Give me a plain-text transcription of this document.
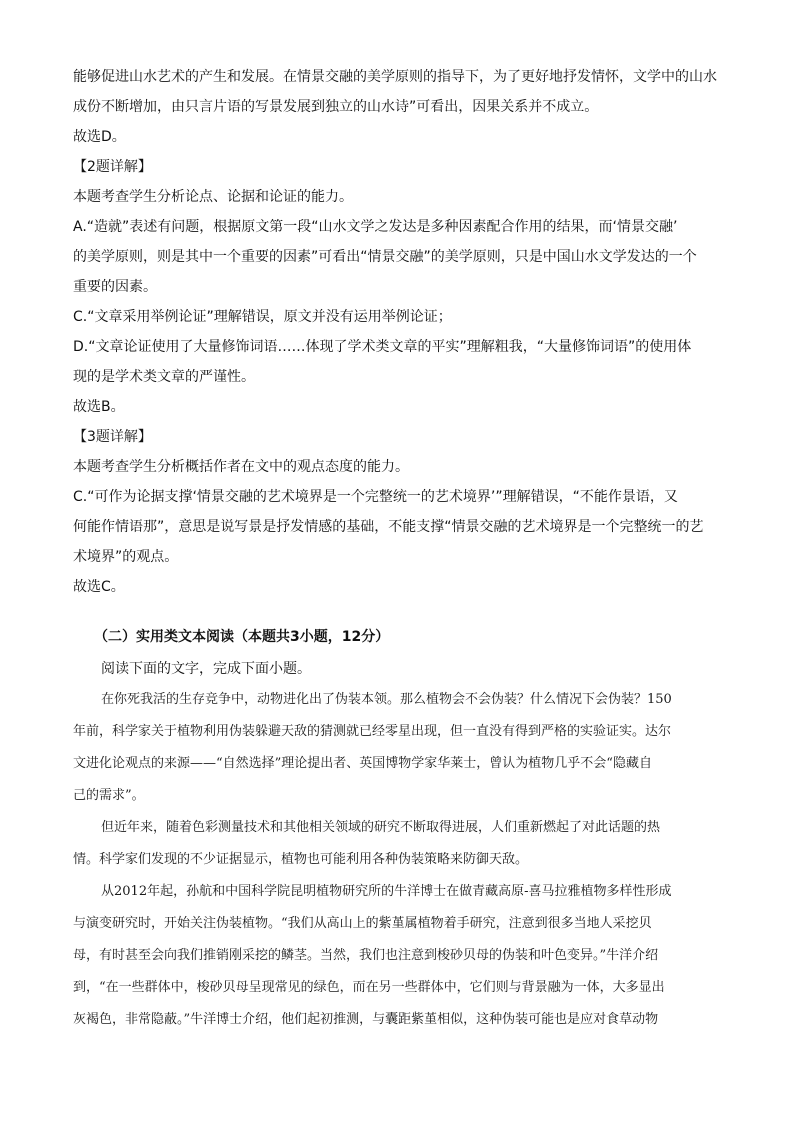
能够促进山水艺术的产生和发展。在情景交融的美学原则的指导下，为了更好地抒发情怀，文学中的山水
成份不断增加，由只言片语的写景发展到独立的山水诗”可看出，因果关系并不成立。
故选D。
【2题详解】
本题考查学生分析论点、论据和论证的能力。
A.“造就”表述有问题，根据原文第一段“山水文学之发达是多种因素配合作用的结果，而‘情景交融’
的美学原则，则是其中一个重要的因素”可看出“情景交融”的美学原则，只是中国山水文学发达的一个
重要的因素。
C.“文章采用举例论证”理解错误，原文并没有运用举例论证；
D.“文章论证使用了大量修饰词语……体现了学术类文章的平实”理解粗我，“大量修饰词语”的使用体
现的是学术类文章的严谨性。
故选B。
【3题详解】
本题考查学生分析概括作者在文中的观点态度的能力。
C.“可作为论据支撑‘情景交融的艺术境界是一个完整统一的艺术境界’”理解错误，“不能作景语，又
何能作情语那”，意思是说写景是抒发情感的基础，不能支撑“情景交融的艺术境界是一个完整统一的艺
术境界”的观点。
故选C。
（二）实用类文本阅读（本题共3小题，12分）
阅读下面的文字，完成下面小题。
在你死我活的生存竞争中，动物进化出了伪装本领。那么植物会不会伪装？什么情况下会伪装？150
年前，科学家关于植物利用伪装躲避天敌的猜测就已经零星出现，但一直没有得到严格的实验证实。达尔
文进化论观点的来源——“自然选择”理论提出者、英国博物学家华莱士，曾认为植物几乎不会“隐藏自
己的需求”。
但近年来，随着色彩测量技术和其他相关领域的研究不断取得进展，人们重新燃起了对此话题的热
情。科学家们发现的不少证据显示，植物也可能利用各种伪装策略来防御天敌。
从2012年起，孙航和中国科学院昆明植物研究所的牛洋博士在做青藏高原-喜马拉雅植物多样性形成
与演变研究时，开始关注伪装植物。“我们从高山上的紫堇属植物着手研究，注意到很多当地人采挖贝
母，有时甚至会向我们推销刚采挖的鳞茎。当然，我们也注意到梭砂贝母的伪装和叶色变异。”牛洋介绍
到，“在一些群体中，梭砂贝母呈现常见的绿色，而在另一些群体中，它们则与背景融为一体，大多显出
灰褐色，非常隐蔽。”牛洋博士介绍，他们起初推测，与囊距紫堇相似，这种伪装可能也是应对食草动物
